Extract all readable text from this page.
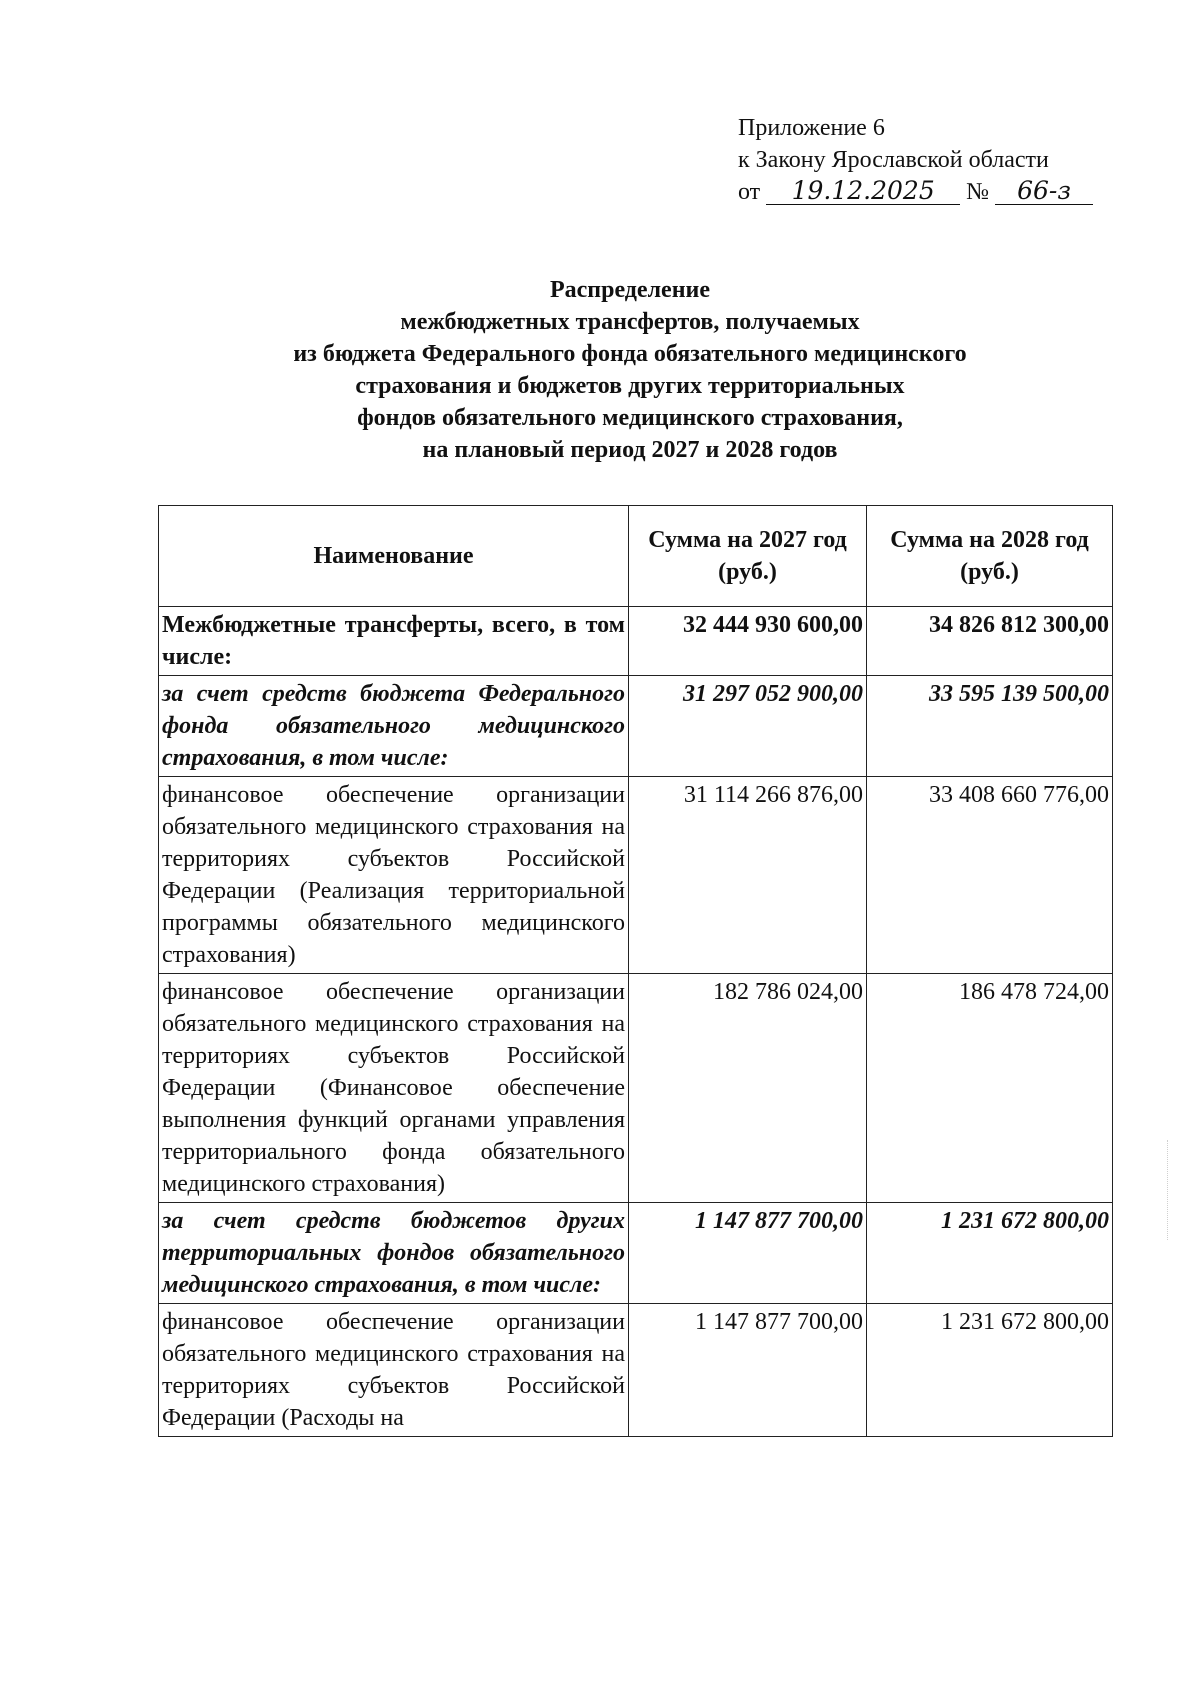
Приложение 6
к Закону Ярославской области
от 19.12.2025 № 66-з
Распределение
межбюджетных трансфертов, получаемых
из бюджета Федерального фонда обязательного медицинского
страхования и бюджетов других территориальных
фондов обязательного медицинского страхования,
на плановый период 2027 и 2028 годов
Наименование	Сумма на 2027 год (руб.)	Сумма на 2028 год (руб.)
Межбюджетные трансферты, всего, в том числе:	32 444 930 600,00	34 826 812 300,00
за счет средств бюджета Федерального фонда обязательного медицинского страхования, в том числе:	31 297 052 900,00	33 595 139 500,00
финансовое обеспечение организации обязательного медицинского страхования на территориях субъектов Российской Федерации (Реализация территориальной программы обязательного медицинского страхования)	31 114 266 876,00	33 408 660 776,00
финансовое обеспечение организации обязательного медицинского страхования на территориях субъектов Российской Федерации (Финансовое обеспечение выполнения функций органами управления территориального фонда обязательного медицинского страхования)	182 786 024,00	186 478 724,00
за счет средств бюджетов других территориальных фондов обязательного медицинского страхования, в том числе:	1 147 877 700,00	1 231 672 800,00
финансовое обеспечение организации обязательного медицинского страхования на территориях субъектов Российской Федерации (Расходы на	1 147 877 700,00	1 231 672 800,00
